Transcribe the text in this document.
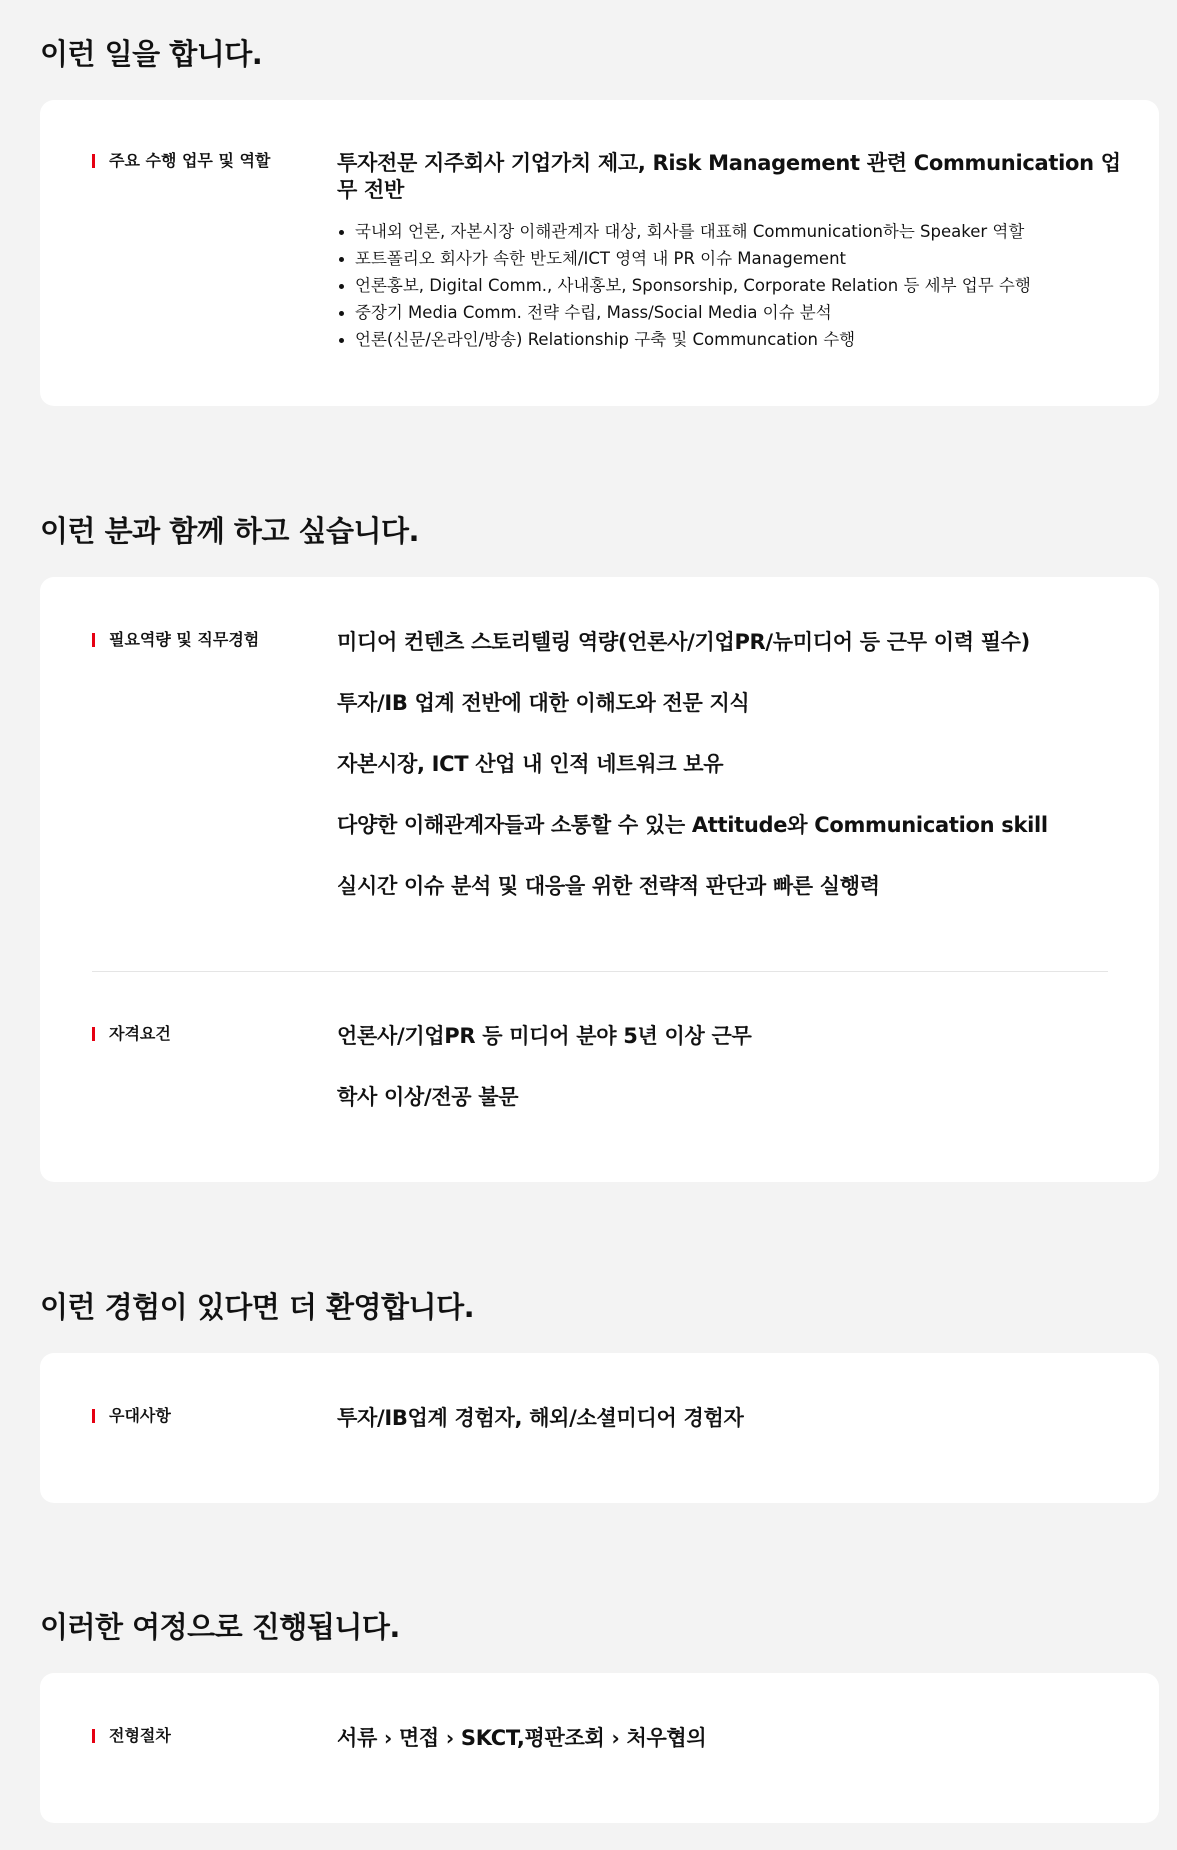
이런 일을 합니다.
주요 수행 업무 및 역할	투자전문 지주회사 기업가치 제고, Risk Management 관련 Communication 업무 전반
국내외 언론, 자본시장 이해관계자 대상, 회사를 대표해 Communication하는 Speaker 역할
포트폴리오 회사가 속한 반도체/ICT 영역 내 PR 이슈 Management
언론홍보, Digital Comm., 사내홍보, Sponsorship, Corporate Relation 등 세부 업무 수행
중장기 Media Comm. 전략 수립, Mass/Social Media 이슈 분석
언론(신문/온라인/방송) Relationship 구축 및 Communcation 수행
이런 분과 함께 하고 싶습니다.
필요역량 및 직무경험	미디어 컨텐츠 스토리텔링 역량(언론사/기업PR/뉴미디어 등 근무 이력 필수)
투자/IB 업계 전반에 대한 이해도와 전문 지식
자본시장, ICT 산업 내 인적 네트워크 보유
다양한 이해관계자들과 소통할 수 있는 Attitude와 Communication skill
실시간 이슈 분석 및 대응을 위한 전략적 판단과 빠른 실행력
자격요건	언론사/기업PR 등 미디어 분야 5년 이상 근무
학사 이상/전공 불문
이런 경험이 있다면 더 환영합니다.
우대사항	투자/IB업계 경험자, 해외/소셜미디어 경험자
이러한 여정으로 진행됩니다.
전형절차	서류 › 면접 › SKCT,평판조회 › 처우협의
